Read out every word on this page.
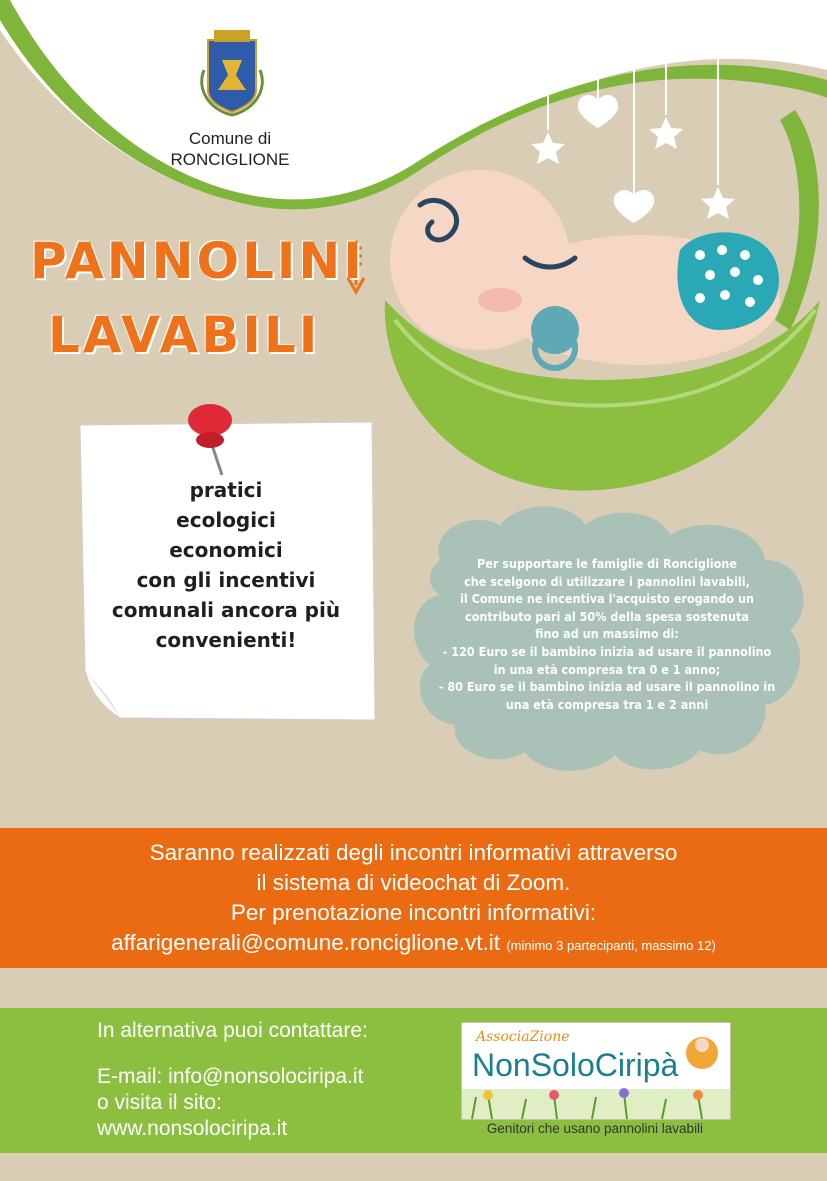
Comune di
RONCIGLIONE
PANNOLINI
LAVABILI
pratici
ecologici
economici
con gli incentivi
comunali ancora più
convenienti!
Per supportare le famiglie di Ronciglione
che scelgono di utilizzare i pannolini lavabili,
il Comune ne incentiva l'acquisto erogando un
contributo pari al 50% della spesa sostenuta
fino ad un massimo di:
- 120 Euro se il bambino inizia ad usare il pannolino
in una età compresa tra 0 e 1 anno;
- 80 Euro se il bambino inizia ad usare il pannolino in
una età compresa tra 1 e 2 anni
Saranno realizzati degli incontri informativi attraverso
il sistema di videochat di Zoom.
Per prenotazione incontri informativi:
affarigenerali@comune.ronciglione.vt.it (minimo 3 partecipanti, massimo 12)
In alternativa puoi contattare:
E-mail: info@nonsolociripa.it
o visita il sito:
www.nonsolociripa.it
AssociaZione
NonSoloCiripà
Genitori che usano pannolini lavabili
